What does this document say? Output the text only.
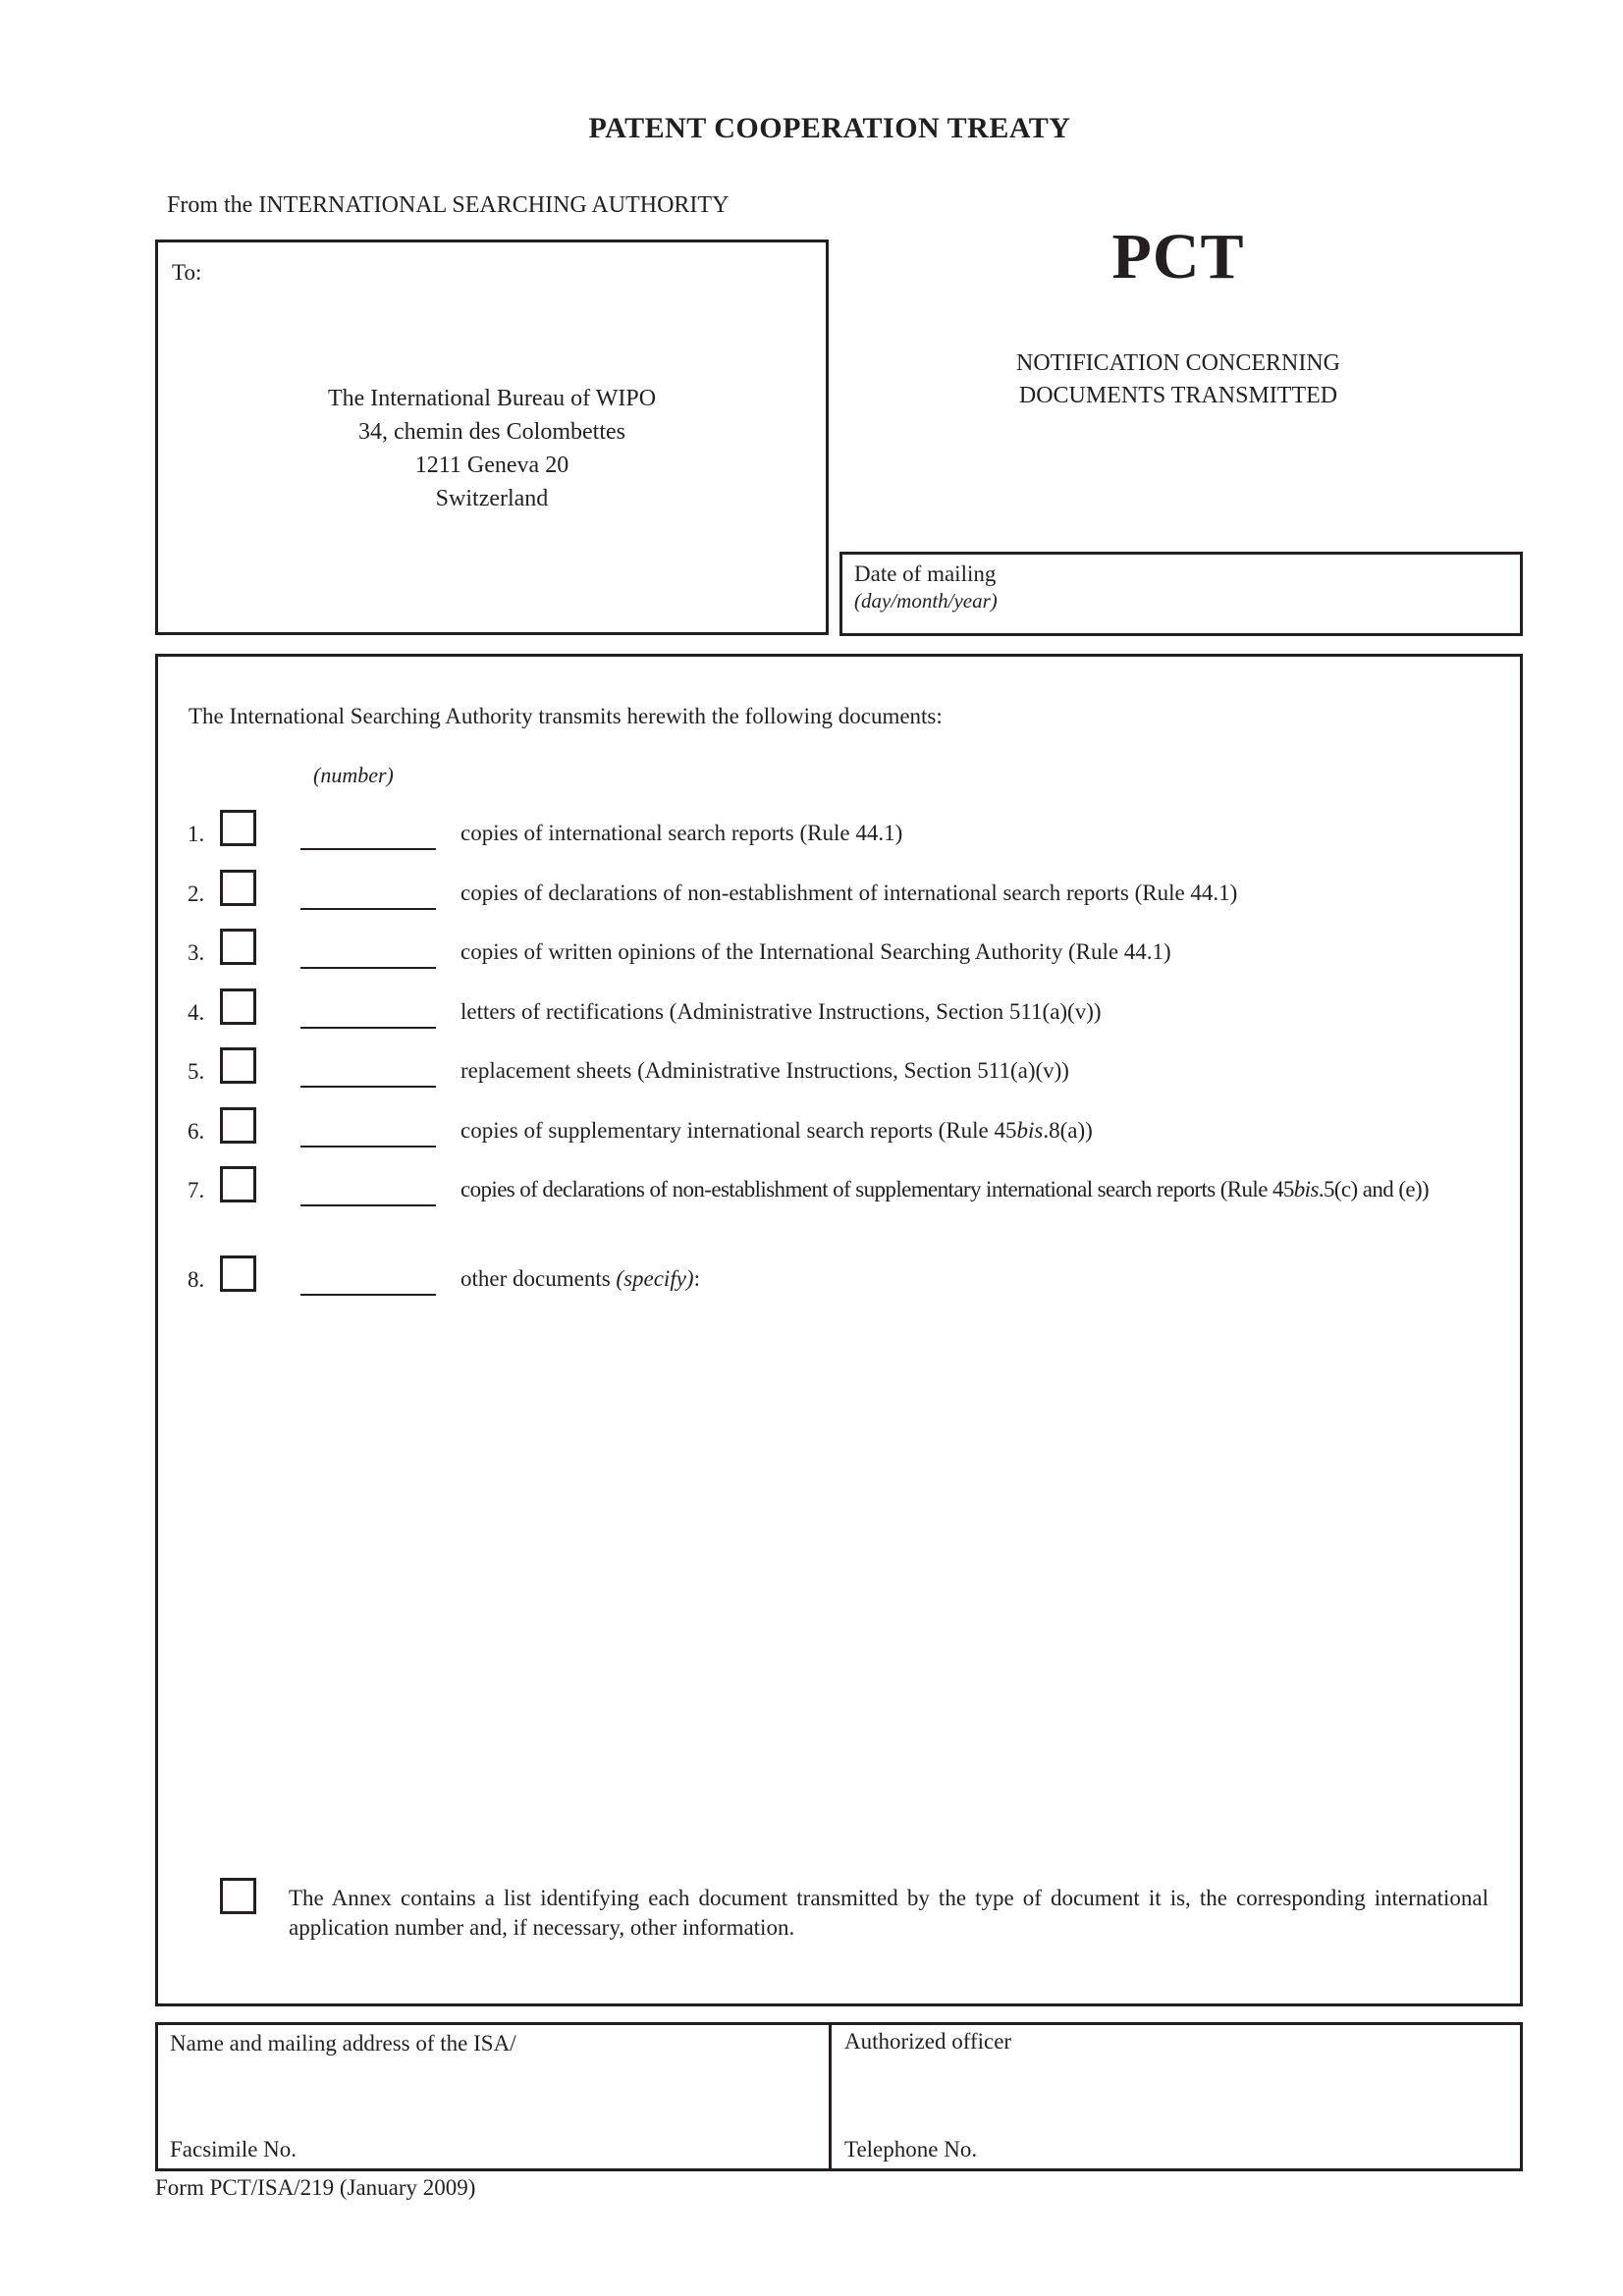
PATENT COOPERATION TREATY
From the INTERNATIONAL SEARCHING AUTHORITY
To:
The International Bureau of WIPO
34, chemin des Colombettes
1211 Geneva 20
Switzerland
PCT
NOTIFICATION CONCERNING
DOCUMENTS TRANSMITTED
Date of mailing
(day/month/year)
The International Searching Authority transmits herewith the following documents:
(number)
1.	copies of international search reports (Rule 44.1)
2.	copies of declarations of non-establishment of international search reports (Rule 44.1)
3.	copies of written opinions of the International Searching Authority (Rule 44.1)
4.	letters of rectifications (Administrative Instructions, Section 511(a)(v))
5.	replacement sheets (Administrative Instructions, Section 511(a)(v))
6.	copies of supplementary international search reports (Rule 45bis.8(a))
7.	copies of declarations of non-establishment of supplementary international search reports (Rule 45bis.5(c) and (e))
8.	other documents (specify):
The Annex contains a list identifying each document transmitted by the type of document it is, the corresponding international application number and, if necessary, other information.
Name and mailing address of the ISA/
Facsimile No.
Authorized officer
Telephone No.
Form PCT/ISA/219 (January 2009)
